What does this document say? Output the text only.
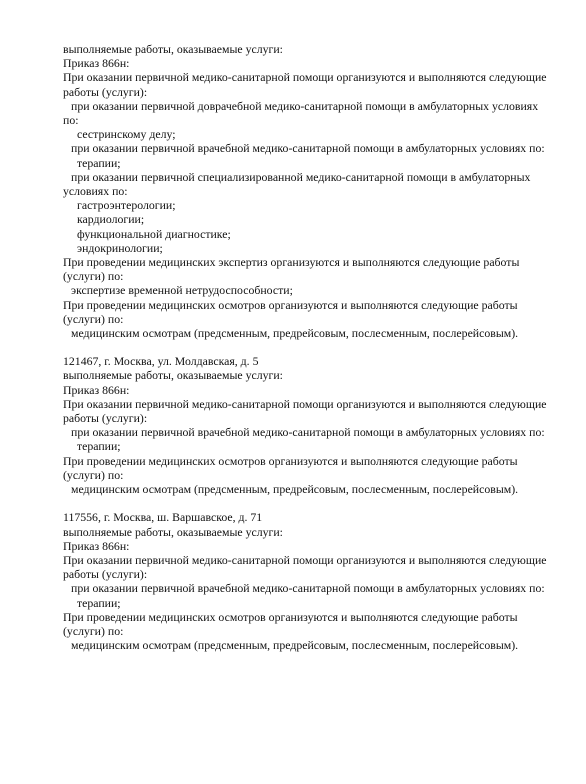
выполняемые работы, оказываемые услуги:

Приказ 866н:

При оказании первичной медико-санитарной помощи организуются и выполняются следующие

работы (услуги):

при оказании первичной доврачебной медико-санитарной помощи в амбулаторных условиях

по:

сестринскому делу;

при оказании первичной врачебной медико-санитарной помощи в амбулаторных условиях по:

терапии;

при оказании первичной специализированной медико-санитарной помощи в амбулаторных

условиях по:

гастроэнтерологии;

кардиологии;

функциональной диагностике;

эндокринологии;

При проведении медицинских экспертиз организуются и выполняются следующие работы

(услуги) по:

экспертизе временной нетрудоспособности;

При проведении медицинских осмотров организуются и выполняются следующие работы

(услуги) по:

медицинским осмотрам (предсменным, предрейсовым, послесменным, послерейсовым).

121467, г. Москва, ул. Молдавская, д. 5

выполняемые работы, оказываемые услуги:

Приказ 866н:

При оказании первичной медико-санитарной помощи организуются и выполняются следующие

работы (услуги):

при оказании первичной врачебной медико-санитарной помощи в амбулаторных условиях по:

терапии;

При проведении медицинских осмотров организуются и выполняются следующие работы

(услуги) по:

медицинским осмотрам (предсменным, предрейсовым, послесменным, послерейсовым).

117556, г. Москва, ш. Варшавское, д. 71

выполняемые работы, оказываемые услуги:

Приказ 866н:

При оказании первичной медико-санитарной помощи организуются и выполняются следующие

работы (услуги):

при оказании первичной врачебной медико-санитарной помощи в амбулаторных условиях по:

терапии;

При проведении медицинских осмотров организуются и выполняются следующие работы

(услуги) по:

медицинским осмотрам (предсменным, предрейсовым, послесменным, послерейсовым).
